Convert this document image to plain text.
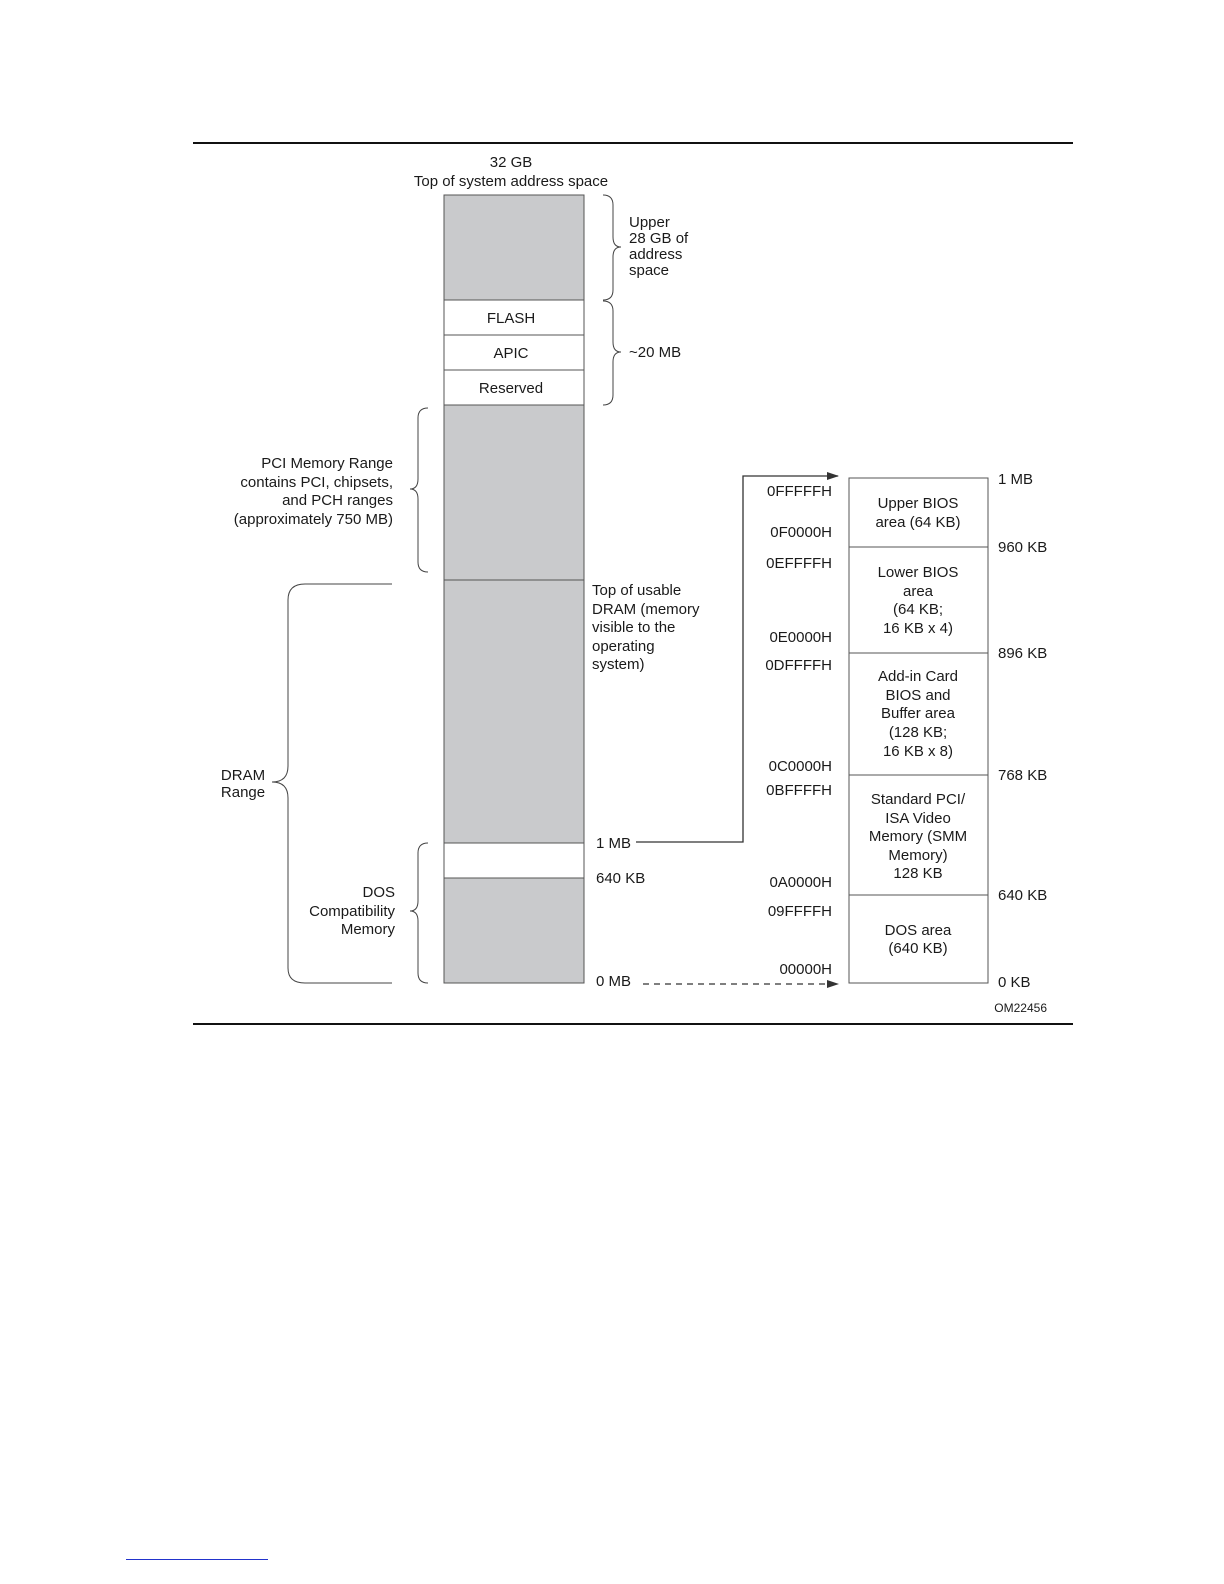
32 GB
Top of system address space
FLASH
APIC
Reserved
Upper
28 GB of
address
space
~20 MB
PCI Memory Range
contains PCI, chipsets,
and PCH ranges
(approximately 750 MB)
DRAM
Range
DOS
Compatibility
Memory
Top of usable
DRAM (memory
visible to the
operating
system)
1 MB
640 KB
0 MB
Upper BIOS
area (64 KB)
Lower BIOS
area
(64 KB;
16 KB x 4)
Add-in Card
BIOS and
Buffer area
(128 KB;
16 KB x 8)
Standard PCI/
ISA Video
Memory (SMM
Memory)
128 KB
DOS area
(640 KB)
0FFFFFH
0F0000H
0EFFFFH
0E0000H
0DFFFFH
0C0000H
0BFFFFH
0A0000H
09FFFFH
00000H
1 MB
960 KB
896 KB
768 KB
640 KB
0 KB
OM22456
